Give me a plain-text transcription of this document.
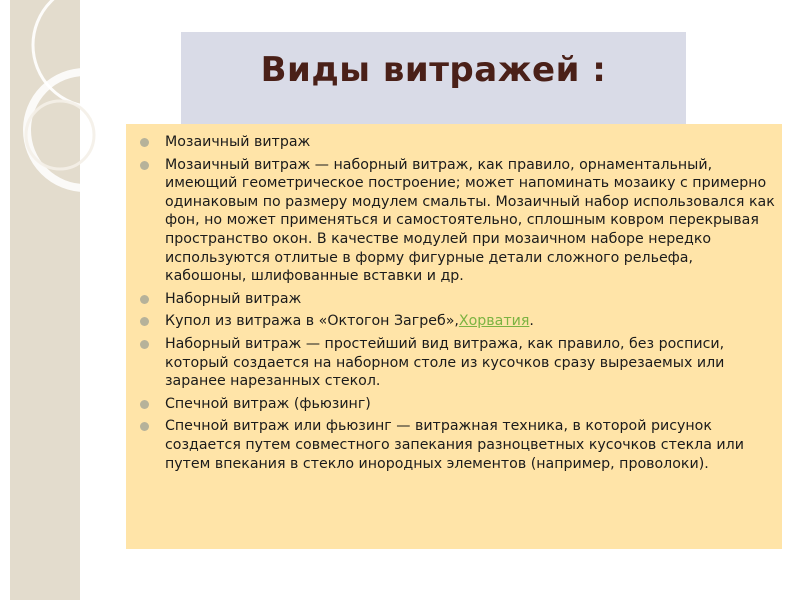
Виды витражей :
Мозаичный витраж
Мозаичный витраж — наборный витраж, как правило, орнаментальный, имеющий геометрическое построение; может напоминать мозаику с примерно одинаковым по размеру модулем смальты. Мозаичный набор использовался как фон, но может применяться и самостоятельно, сплошным ковром перекрывая пространство окон. В качестве модулей при мозаичном наборе нередко используются отлитые в форму фигурные детали сложного рельефа, кабошоны, шлифованные вставки и др.
Наборный витраж
Купол из витража в «Октогон Загреб»,Хорватия.
Наборный витраж — простейший вид витража, как правило, без росписи, который создается на наборном столе из кусочков сразу вырезаемых или заранее нарезанных стекол.
Спечной витраж (фьюзинг)
Спечной витраж или фьюзинг — витражная техника, в которой рисунок создается путем совместного запекания разноцветных кусочков стекла или путем впекания в стекло инородных элементов (например, проволоки).
